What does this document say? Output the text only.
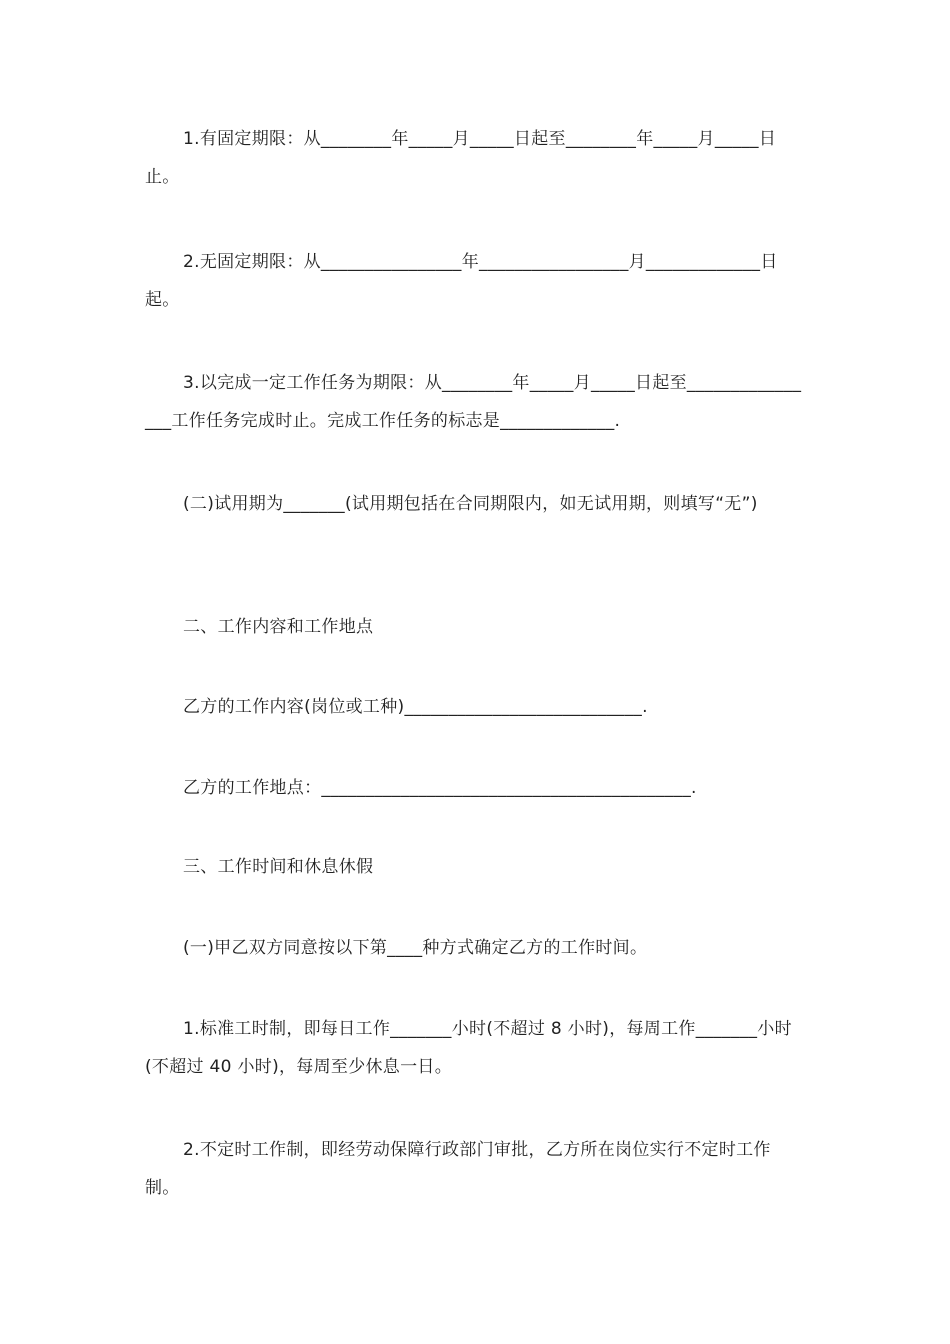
1.有固定期限：从________年_____月_____日起至________年_____月_____日止。

2.无固定期限：从________________年_________________月_____________日起。

3.以完成一定工作任务为期限：从________年_____月_____日起至________________工作任务完成时止。完成工作任务的标志是_____________.

(二)试用期为_______(试用期包括在合同期限内，如无试用期，则填写“无”)

二、工作内容和工作地点

乙方的工作内容(岗位或工种)___________________________.

乙方的工作地点：__________________________________________.

三、工作时间和休息休假

(一)甲乙双方同意按以下第____种方式确定乙方的工作时间。

1.标准工时制，即每日工作_______小时(不超过 8 小时)，每周工作_______小时(不超过 40 小时)，每周至少休息一日。

2.不定时工作制，即经劳动保障行政部门审批，乙方所在岗位实行不定时工作制。
